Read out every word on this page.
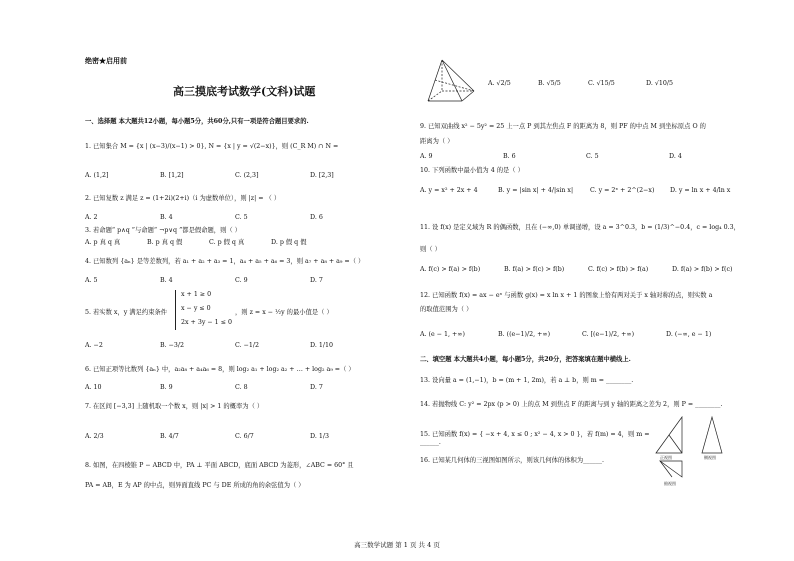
绝密★启用前
高三摸底考试数学(文科)试题
一、选择题 本大题共12小题，每小题5分，共60分,只有一项是符合题目要求的.
1. 已知集合 M = {x | (x−3)/(x−1) > 0}, N = {x | y = √(2−x)}，则 (C_R M) ∩ N =
A. (1,2]	B. [1,2]	C. (2,3]	D. [2,3]
2. 已知复数 z 满足 z = (1+2i)(2+i)（i 为虚数单位），则 |z| = （ ）
A. 2	B. 4	C. 5	D. 6
3. 若命题“ p∧q ”与命题“ ¬p∨q ”都是假命题，则（ ）
A. p 真 q 真	B. p 真 q 假	C. p 假 q 真	D. p 假 q 假
4. 已知数列 {aₙ} 是等差数列，若 a₁ + a₂ + a₃ = 1，a₄ + a₅ + a₆ = 3，则 a₇ + a₈ + a₉ =（ ）
A. 5	B. 4	C. 9	D. 7
5. 若实数 x，y 满足约束条件
x + 1 ≥ 0
x − y ≤ 0
2x + 3y − 1 ≤ 0
，则 z = x − ½y 的最小值是（ ）
A. −2	B. −3/2	C. −1/2	D. 1/10
6. 已知正项等比数列 {aₙ} 中，a₂a₈ + a₄a₆ = 8，则 log₂ a₁ + log₂ a₂ + … + log₂ a₉ =（ ）
A. 10	B. 9	C. 8	D. 7
7. 在区间 [−3,3] 上随机取一个数 x，则 |x| > 1 的概率为（ ）
A. 2/3	B. 4/7	C. 6/7	D. 1/3
8. 如图，在四棱锥 P − ABCD 中，PA ⊥ 平面 ABCD，底面 ABCD 为菱形，∠ABC = 60° 且
PA = AB，E 为 AP 的中点，则异面直线 PC 与 DE 所成的角的余弦值为（ ）
A. √2/5	B. √5/5	C. √15/5	D. √10/5
9. 已知双曲线 x² − 5y² = 25 上一点 P 到其左焦点 F 的距离为 8，则 PF 的中点 M 到坐标原点 O 的
距离为（ ）
A. 9	B. 6	C. 5	D. 4
10. 下列函数中最小值为 4 的是（ ）
A. y = x² + 2x + 4	B. y = |sin x| + 4/|sin x|	C. y = 2ˣ + 2^(2−x)	D. y = ln x + 4/ln x
11. 设 f(x) 是定义域为 R 的偶函数，且在 (−∞,0) 单调递增，设 a = 3^0.3，b = (1/3)^−0.4，c = log₄ 0.3，
则（ ）
A. f(c) > f(a) > f(b)	B. f(a) > f(c) > f(b)	C. f(c) > f(b) > f(a)	D. f(a) > f(b) > f(c)
12. 已知函数 f(x) = ax − eˣ 与函数 g(x) = x ln x + 1 的图象上恰有两对关于 x 轴对称的点，则实数 a
的取值范围为（ ）
A. (e − 1, +∞)	B. ((e−1)/2, +∞)	C. [(e−1)/2, +∞)	D. (−∞, e − 1)
二、填空题 本大题共4小题，每小题5分，共20分，把答案填在题中横线上.
13. 设向量 a = (1,−1)，b = (m + 1, 2m)，若 a ⊥ b，则 m = ________.
14. 若抛物线 C: y² = 2px (p > 0) 上的点 M 到焦点 F 的距离与到 y 轴的距离之差为 2，则 P = ________.
15. 已知函数 f(x) = { −x + 4, x ≤ 0 ; x² − 4, x > 0 }，若 f(m) = 4，则 m = ______.
16. 已知某几何体的三视图如图所示，则该几何体的体积为______.	正视图	侧视图
俯视图
高三数学试题 第 1 页 共 4 页
